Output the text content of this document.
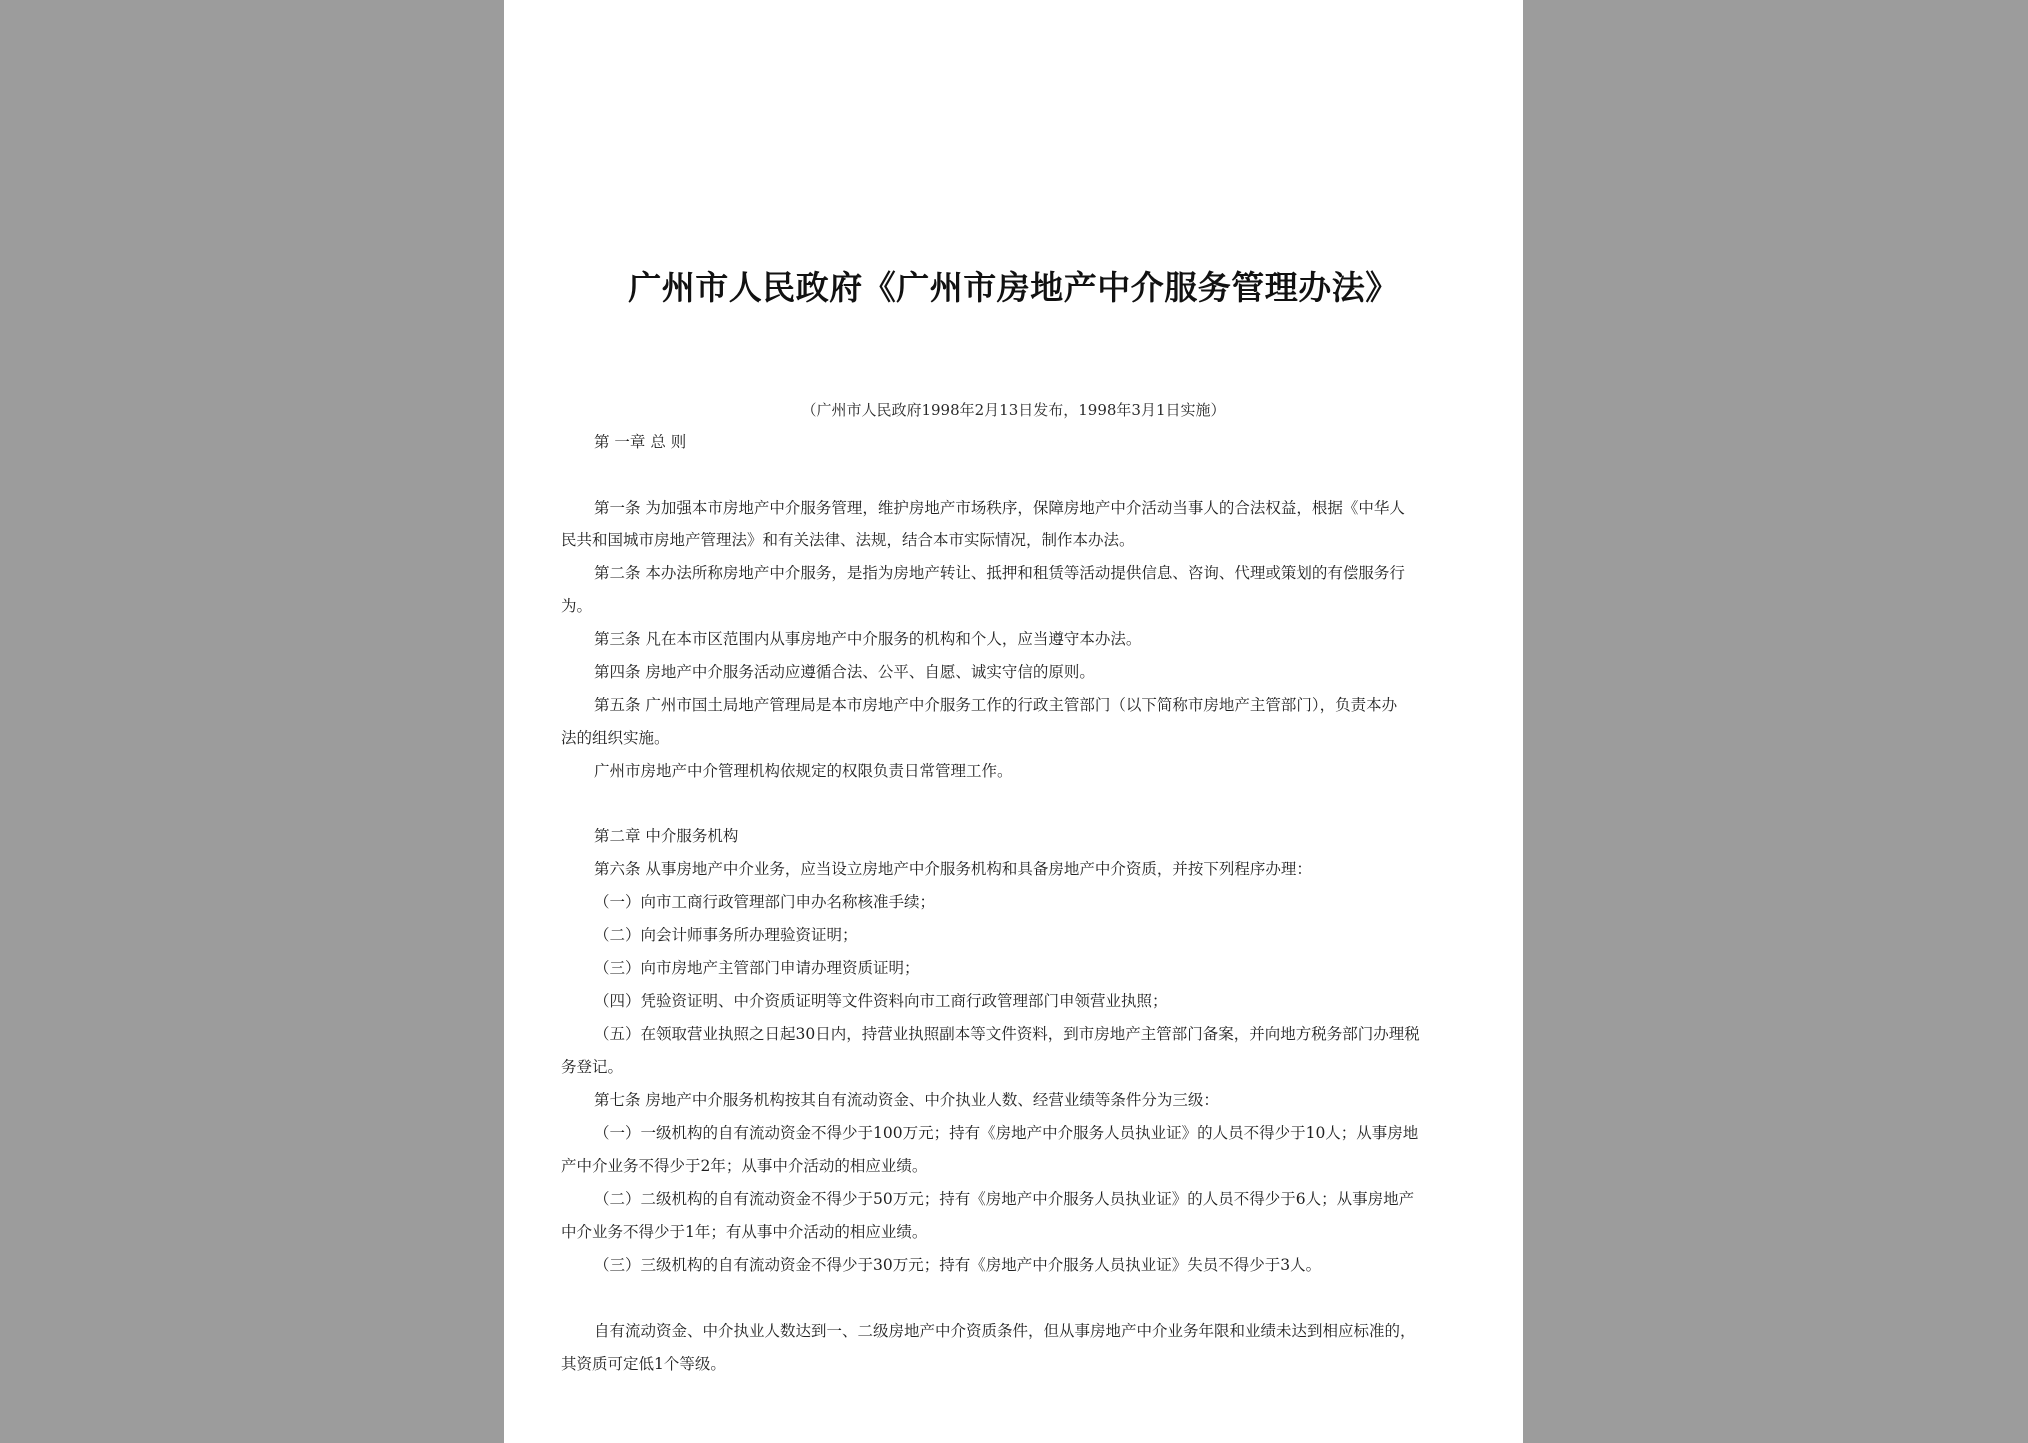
广州市人民政府《广州市房地产中介服务管理办法》
（广州市人民政府1998年2月13日发布，1998年3月1日实施）
第 一章 总 则
第一条 为加强本市房地产中介服务管理，维护房地产市场秩序，保障房地产中介活动当事人的合法权益，根据《中华人
民共和国城市房地产管理法》和有关法律、法规，结合本市实际情况，制作本办法。
第二条 本办法所称房地产中介服务，是指为房地产转让、抵押和租赁等活动提供信息、咨询、代理或策划的有偿服务行
为。
第三条 凡在本市区范围内从事房地产中介服务的机构和个人，应当遵守本办法。
第四条 房地产中介服务活动应遵循合法、公平、自愿、诚实守信的原则。
第五条 广州市国土局地产管理局是本市房地产中介服务工作的行政主管部门（以下简称市房地产主管部门），负责本办
法的组织实施。
广州市房地产中介管理机构依规定的权限负责日常管理工作。
第二章 中介服务机构
第六条 从事房地产中介业务，应当设立房地产中介服务机构和具备房地产中介资质，并按下列程序办理：
（一）向市工商行政管理部门申办名称核准手续；
（二）向会计师事务所办理验资证明；
（三）向市房地产主管部门申请办理资质证明；
（四）凭验资证明、中介资质证明等文件资料向市工商行政管理部门申领营业执照；
（五）在领取营业执照之日起30日内，持营业执照副本等文件资料，到市房地产主管部门备案，并向地方税务部门办理税
务登记。
第七条 房地产中介服务机构按其自有流动资金、中介执业人数、经营业绩等条件分为三级：
（一）一级机构的自有流动资金不得少于100万元；持有《房地产中介服务人员执业证》的人员不得少于10人；从事房地
产中介业务不得少于2年；从事中介活动的相应业绩。
（二）二级机构的自有流动资金不得少于50万元；持有《房地产中介服务人员执业证》的人员不得少于6人；从事房地产
中介业务不得少于1年；有从事中介活动的相应业绩。
（三）三级机构的自有流动资金不得少于30万元；持有《房地产中介服务人员执业证》失员不得少于3人。
自有流动资金、中介执业人数达到一、二级房地产中介资质条件，但从事房地产中介业务年限和业绩未达到相应标准的，
其资质可定低1个等级。
